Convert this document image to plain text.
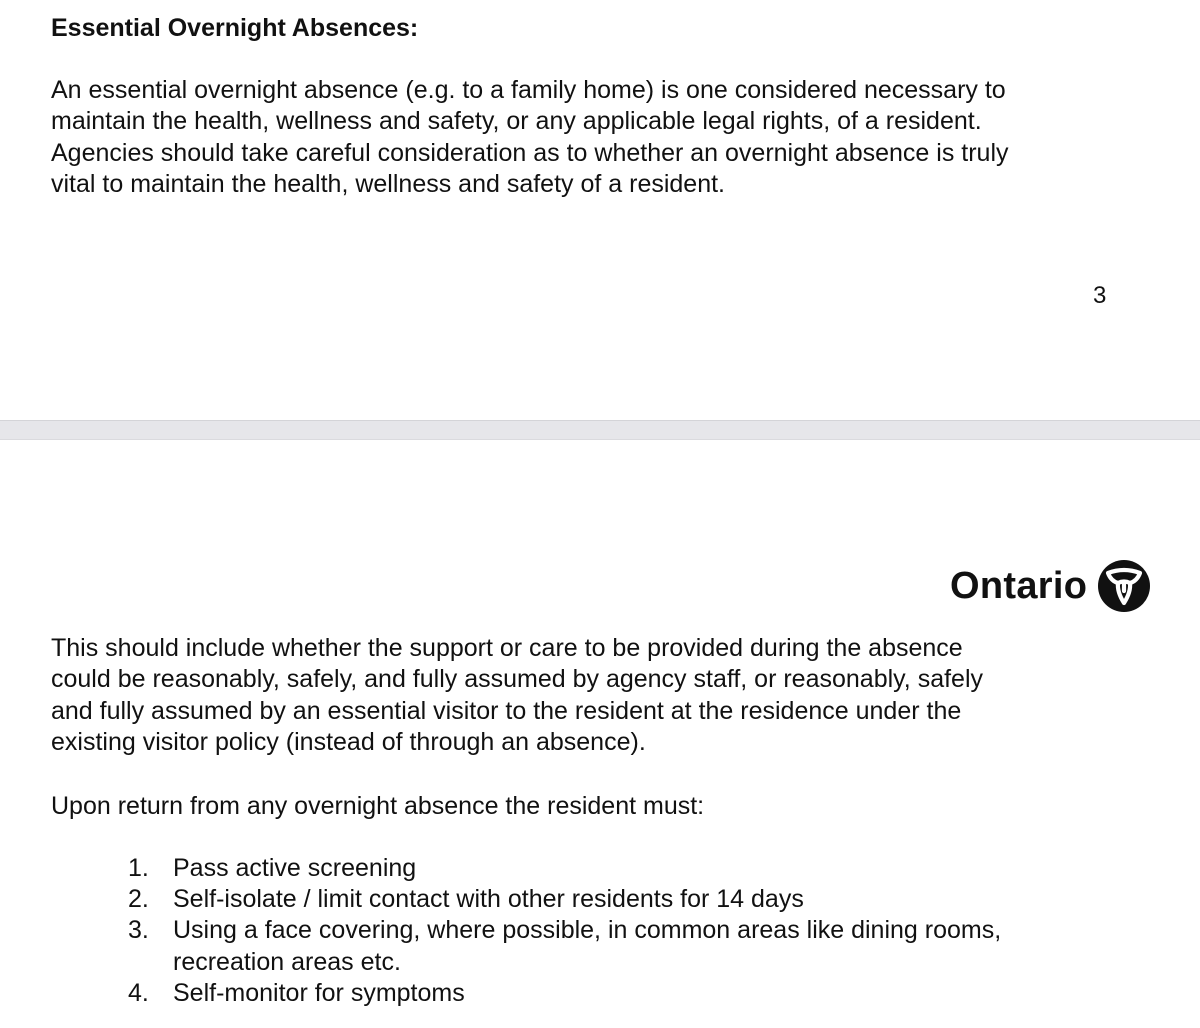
Essential Overnight Absences:

An essential overnight absence (e.g. to a family home) is one considered necessary to
maintain the health, wellness and safety, or any applicable legal rights, of a resident.
Agencies should take careful consideration as to whether an overnight absence is truly
vital to maintain the health, wellness and safety of a resident.

3
Ontario

This should include whether the support or care to be provided during the absence
could be reasonably, safely, and fully assumed by agency staff, or reasonably, safely
and fully assumed by an essential visitor to the resident at the residence under the
existing visitor policy (instead of through an absence).

Upon return from any overnight absence the resident must:

1. Pass active screening
2. Self-isolate / limit contact with other residents for 14 days
3. Using a face covering, where possible, in common areas like dining rooms,
recreation areas etc.
4. Self-monitor for symptoms
